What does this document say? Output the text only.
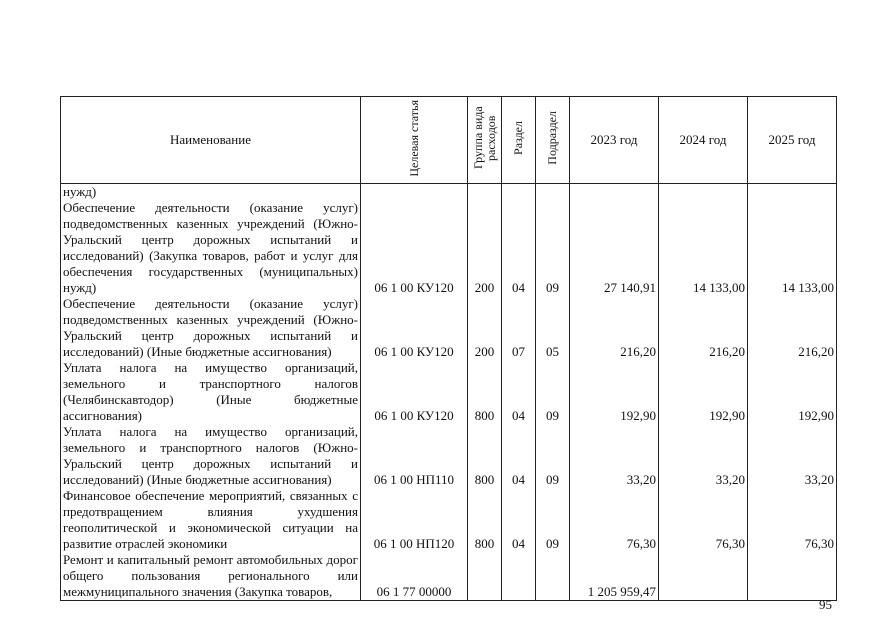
Наименование	Целевая статья	Группа вида расходов	Раздел	Подраздел	2023 год	2024 год	2025 год

нужд)							

Обеспечение деятельности (оказание услуг) подведомственных казенных учреждений (Южно-Уральский центр дорожных испытаний и исследований) (Закупка товаров, работ и услуг для обеспечения государственных (муниципальных) нужд)	06 1 00 КУ120	200	04	09	27 140,91	14 133,00	14 133,00

Обеспечение деятельности (оказание услуг) подведомственных казенных учреждений (Южно-Уральский центр дорожных испытаний и исследований) (Иные бюджетные ассигнования)	06 1 00 КУ120	200	07	05	216,20	216,20	216,20

Уплата налога на имущество организаций, земельного и транспортного налогов (Челябинскавтодор) (Иные бюджетные ассигнования)	06 1 00 КУ120	800	04	09	192,90	192,90	192,90

Уплата налога на имущество организаций, земельного и транспортного налогов (Южно-Уральский центр дорожных испытаний и исследований) (Иные бюджетные ассигнования)	06 1 00 НП110	800	04	09	33,20	33,20	33,20

Финансовое обеспечение мероприятий, связанных с предотвращением влияния ухудшения геополитической и экономической ситуации на развитие отраслей экономики	06 1 00 НП120	800	04	09	76,30	76,30	76,30

Ремонт и капитальный ремонт автомобильных дорог общего пользования регионального или межмуниципального значения (Закупка товаров,	06 1 77 00000				1 205 959,47		
95
